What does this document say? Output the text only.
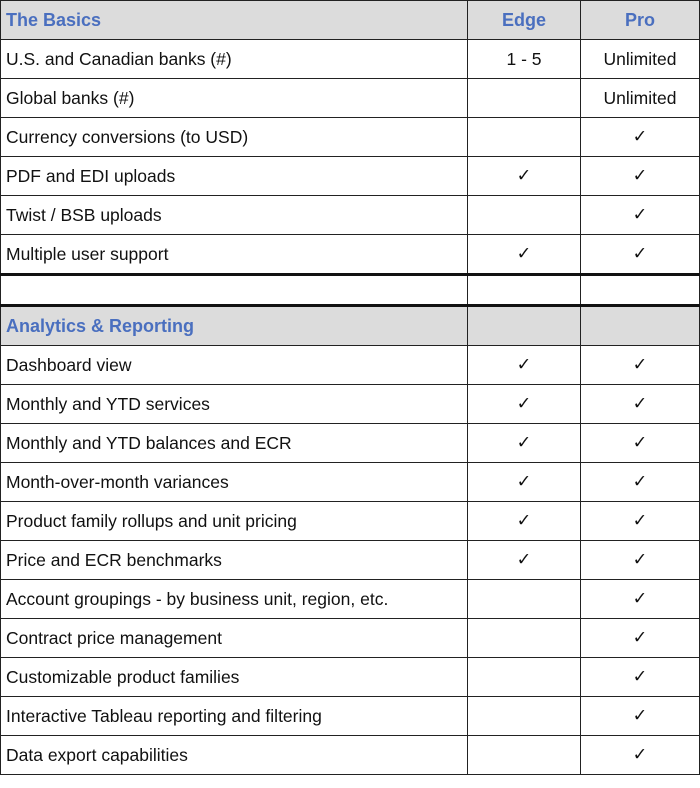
The Basics	Edge	Pro
U.S. and Canadian banks (#)	1 - 5	Unlimited
Global banks (#)		Unlimited
Currency conversions (to USD)		✓
PDF and EDI uploads	✓	✓
Twist / BSB uploads		✓
Multiple user support	✓	✓

Analytics & Reporting		
Dashboard view	✓	✓
Monthly and YTD services	✓	✓
Monthly and YTD balances and ECR	✓	✓
Month-over-month variances	✓	✓
Product family rollups and unit pricing	✓	✓
Price and ECR benchmarks	✓	✓
Account groupings - by business unit, region, etc.		✓
Contract price management		✓
Customizable product families		✓
Interactive Tableau reporting and filtering		✓
Data export capabilities		✓
